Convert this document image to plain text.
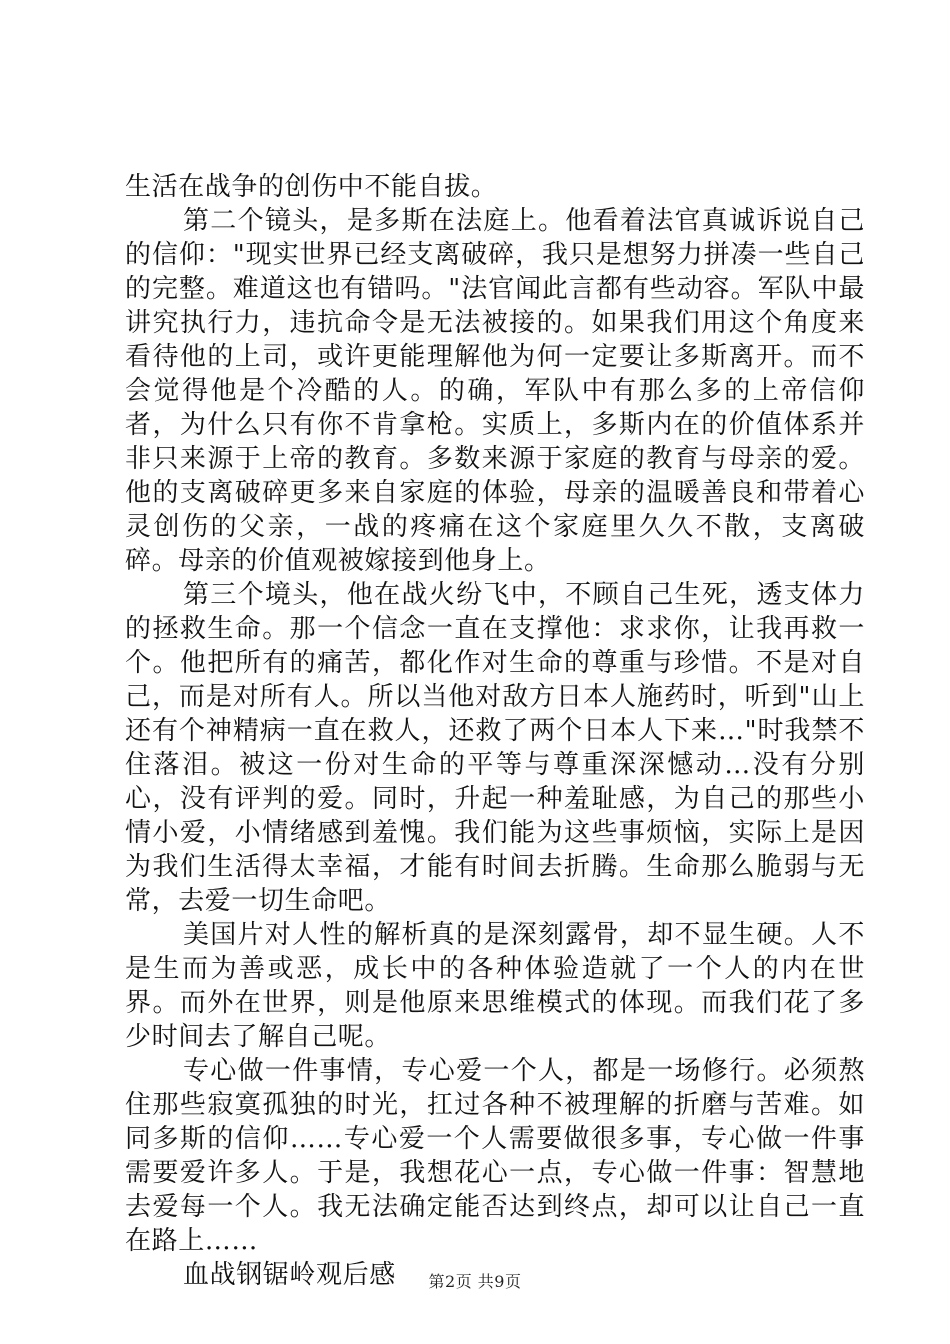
生活在战争的创伤中不能自拔。

第二个镜头，是多斯在法庭上。他看着法官真诚诉说自己的信仰："现实世界已经支离破碎，我只是想努力拼凑一些自己的完整。难道这也有错吗。"法官闻此言都有些动容。军队中最讲究执行力，违抗命令是无法被接的。如果我们用这个角度来看待他的上司，或许更能理解他为何一定要让多斯离开。而不会觉得他是个冷酷的人。的确，军队中有那么多的上帝信仰者，为什么只有你不肯拿枪。实质上，多斯内在的价值体系并非只来源于上帝的教育。多数来源于家庭的教育与母亲的爱。他的支离破碎更多来自家庭的体验，母亲的温暖善良和带着心灵创伤的父亲，一战的疼痛在这个家庭里久久不散，支离破碎。母亲的价值观被嫁接到他身上。

第三个境头，他在战火纷飞中，不顾自己生死，透支体力的拯救生命。那一个信念一直在支撑他：求求你，让我再救一个。他把所有的痛苦，都化作对生命的尊重与珍惜。不是对自己，而是对所有人。所以当他对敌方日本人施药时，听到"山上还有个神精病一直在救人，还救了两个日本人下来…"时我禁不住落泪。被这一份对生命的平等与尊重深深憾动…没有分别心，没有评判的爱。同时，升起一种羞耻感，为自己的那些小情小爱，小情绪感到羞愧。我们能为这些事烦恼，实际上是因为我们生活得太幸福，才能有时间去折腾。生命那么脆弱与无常，去爱一切生命吧。

美国片对人性的解析真的是深刻露骨，却不显生硬。人不是生而为善或恶，成长中的各种体验造就了一个人的内在世界。而外在世界，则是他原来思维模式的体现。而我们花了多少时间去了解自己呢。

专心做一件事情，专心爱一个人，都是一场修行。必须熬住那些寂寞孤独的时光，扛过各种不被理解的折磨与苦难。如同多斯的信仰……专心爱一个人需要做很多事，专心做一件事需要爱许多人。于是，我想花心一点，专心做一件事：智慧地去爱每一个人。我无法确定能否达到终点，却可以让自己一直在路上……

血战钢锯岭观后感	第2页 共9页
